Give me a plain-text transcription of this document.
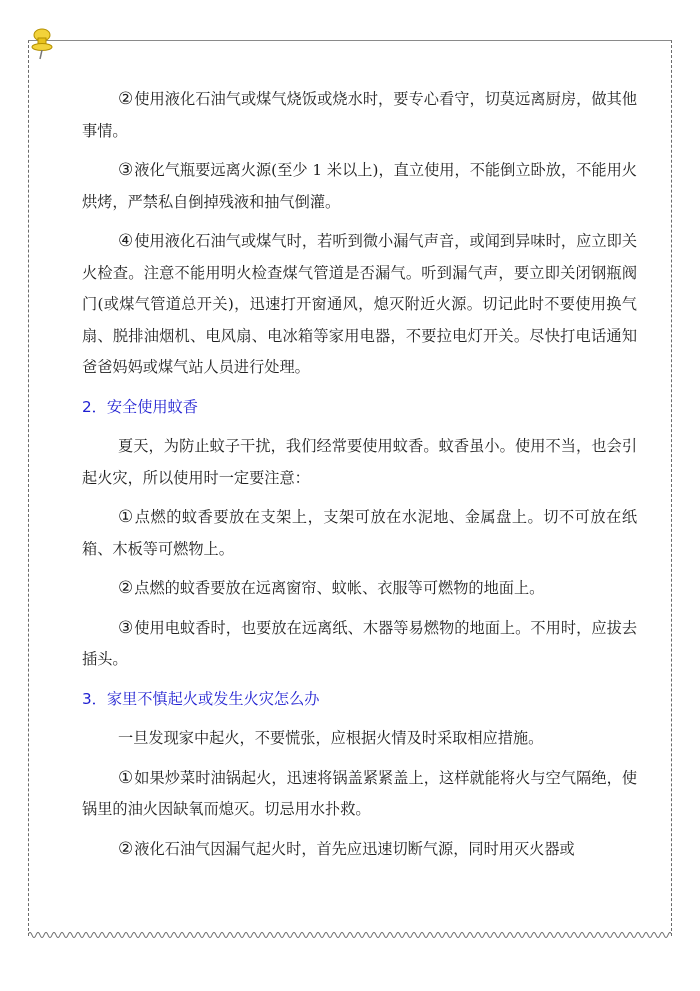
②使用液化石油气或煤气烧饭或烧水时，要专心看守，切莫远离厨房，做其他事情。

③液化气瓶要远离火源(至少 1 米以上)，直立使用，不能倒立卧放，不能用火烘烤，严禁私自倒掉残液和抽气倒灌。

④使用液化石油气或煤气时，若听到微小漏气声音，或闻到异味时，应立即关火检查。注意不能用明火检查煤气管道是否漏气。听到漏气声，要立即关闭钢瓶阀门(或煤气管道总开关)，迅速打开窗通风，熄灭附近火源。切记此时不要使用换气扇、脱排油烟机、电风扇、电冰箱等家用电器，不要拉电灯开关。尽快打电话通知爸爸妈妈或煤气站人员进行处理。

2．安全使用蚊香

夏天，为防止蚊子干扰，我们经常要使用蚊香。蚊香虽小。使用不当，也会引起火灾，所以使用时一定要注意：

①点燃的蚊香要放在支架上，支架可放在水泥地、金属盘上。切不可放在纸箱、木板等可燃物上。

②点燃的蚊香要放在远离窗帘、蚊帐、衣服等可燃物的地面上。

③使用电蚊香时，也要放在远离纸、木器等易燃物的地面上。不用时，应拔去插头。

3．家里不慎起火或发生火灾怎么办

一旦发现家中起火，不要慌张，应根据火情及时采取相应措施。

①如果炒菜时油锅起火，迅速将锅盖紧紧盖上，这样就能将火与空气隔绝，使锅里的油火因缺氧而熄灭。切忌用水扑救。

②液化石油气因漏气起火时，首先应迅速切断气源，同时用灭火器或
